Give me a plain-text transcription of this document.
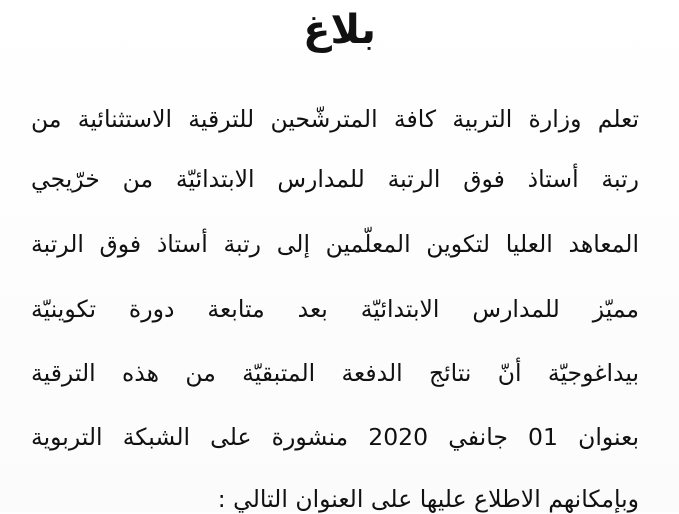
بلاغ
تعلم وزارة التربية كافة المترشّحين للترقية الاستثنائية من
رتبة أستاذ فوق الرتبة للمدارس الابتدائيّة من خرّيجي
المعاهد العليا لتكوين المعلّمين إلى رتبة أستاذ فوق الرتبة
مميّز للمدارس الابتدائيّة بعد متابعة دورة تكوينيّة
بيداغوجيّة أنّ نتائج الدفعة المتبقيّة من هذه الترقية
بعنوان 01 جانفي 2020 منشورة على الشبكة التربوية
وبإمكانهم الاطلاع عليها على العنوان التالي :
